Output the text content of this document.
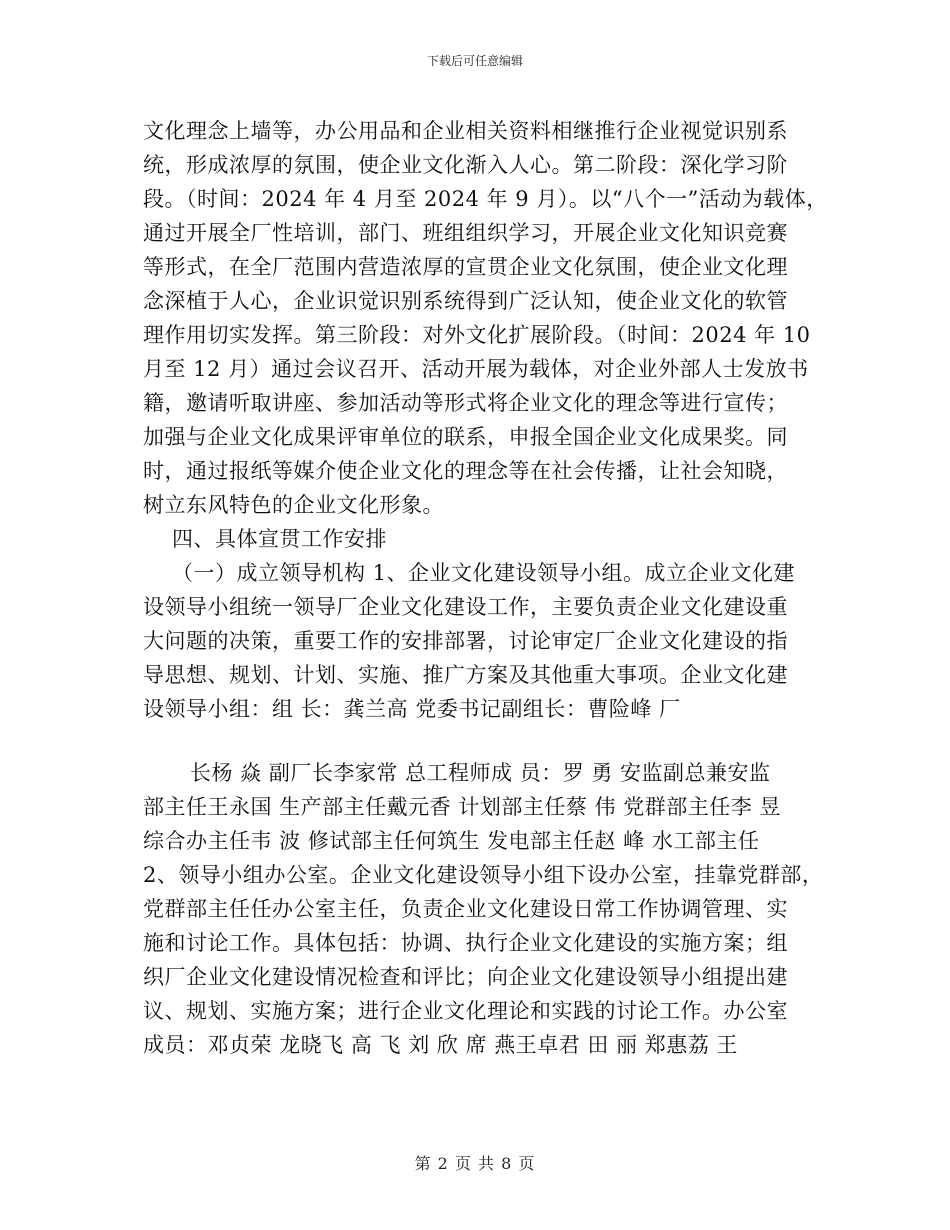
下载后可任意编辑
文化理念上墙等，办公用品和企业相关资料相继推行企业视觉识别系
统，形成浓厚的氛围，使企业文化渐入人心。第二阶段：深化学习阶
段。（时间：2024 年 4 月至 2024 年 9 月）。以“八个一”活动为载体，
通过开展全厂性培训，部门、班组组织学习，开展企业文化知识竞赛
等形式，在全厂范围内营造浓厚的宣贯企业文化氛围，使企业文化理
念深植于人心，企业识觉识别系统得到广泛认知，使企业文化的软管
理作用切实发挥。第三阶段：对外文化扩展阶段。（时间：2024 年 10
月至 12 月）通过会议召开、活动开展为载体，对企业外部人士发放书
籍，邀请听取讲座、参加活动等形式将企业文化的理念等进行宣传；
加强与企业文化成果评审单位的联系，申报全国企业文化成果奖。同
时，通过报纸等媒介使企业文化的理念等在社会传播，让社会知晓，
树立东风特色的企业文化形象。
四、具体宣贯工作安排
（一）成立领导机构 1、企业文化建设领导小组。成立企业文化建
设领导小组统一领导厂企业文化建设工作，主要负责企业文化建设重
大问题的决策，重要工作的安排部署，讨论审定厂企业文化建设的指
导思想、规划、计划、实施、推广方案及其他重大事项。企业文化建
设领导小组：组 长：龚兰高 党委书记副组长：曹险峰 厂
长杨 焱 副厂长李家常 总工程师成 员：罗 勇 安监副总兼安监
部主任王永国 生产部主任戴元香 计划部主任蔡 伟 党群部主任李 昱
综合办主任韦 波 修试部主任何筑生 发电部主任赵 峰 水工部主任
2、领导小组办公室。企业文化建设领导小组下设办公室，挂靠党群部，
党群部主任任办公室主任，负责企业文化建设日常工作协调管理、实
施和讨论工作。具体包括：协调、执行企业文化建设的实施方案；组
织厂企业文化建设情况检查和评比；向企业文化建设领导小组提出建
议、规划、实施方案；进行企业文化理论和实践的讨论工作。办公室
成员：邓贞荣 龙晓飞 高 飞 刘 欣 席 燕王卓君 田 丽 郑惠荔 王
第 2 页 共 8 页
